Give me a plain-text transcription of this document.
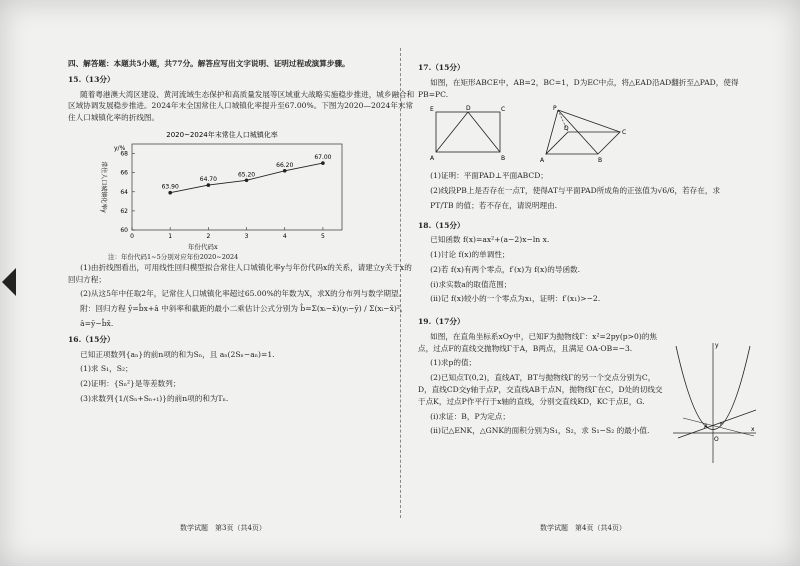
四、解答题：本题共5小题，共77分。解答应写出文字说明、证明过程或演算步骤。

15.（13分）

随着粤港澳大湾区建设、黄河流域生态保护和高质量发展等区域重大战略实施稳步推进，城乡融合和区域协调发展稳步推进。2024年末全国常住人口城镇化率提升至67.00%。下图为2020—2024年末常住人口城镇化率的折线图。

2020~2024年末常住人口城镇化率
60
62
64
66
68
0	1	2	3	4	5
y/%
常住人口城镇化率y	63.90
64.70
65.20
66.20
67.00
年份代码x
注：年份代码1~5分别对应年份2020~2024

(1)由折线图看出，可用线性回归模型拟合常住人口城镇化率y与年份代码x的关系，请建立y关于x的回归方程；

(2)从这5年中任取2年，记常住人口城镇化率超过65.00%的年数为X，求X的分布列与数学期望。

附：回归方程 ŷ=b̂x+â 中斜率和截距的最小二乘估计公式分别为 b̂=Σ(xᵢ−x̄)(yᵢ−ȳ) / Σ(xᵢ−x̄)²，

â=ȳ−b̂x̄.

16.（15分）

已知正项数列{aₙ}的前n项的和为Sₙ，且 aₙ(2Sₙ−aₙ)=1.

(1)求 S₁，S₂；

(2)证明：{Sₙ²}是等差数列；

(3)求数列{1/(Sₙ+Sₙ₊₁)}的前n项的和为Tₙ.

17.（15分）

如图，在矩形ABCE中，AB=2，BC=1，D为EC中点，将△EAD沿AD翻折至△PAD，使得PB=PC.

E	D	C
A	B
P
D
C
A	B

(1)证明：平面PAD⊥平面ABCD；

(2)线段PB上是否存在一点T，使得AT与平面PAD所成角的正弦值为√6/6，若存在，求

PT/TB 的值；若不存在，请说明理由.

18.（15分）

已知函数 f(x)=ax²+(a−2)x−ln x.

(1)讨论 f(x)的单调性；

(2)若 f(x)有两个零点，f′(x)为 f(x)的导函数.

(i)求实数a的取值范围；

(ii)记 f(x)较小的一个零点为x₁，证明：f′(x₁)>−2.

19.（17分）

如图，在直角坐标系xOy中，已知F为抛物线Γ：x²=2py(p>0)的焦点，过点F的直线交抛物线Γ于A，B两点，且满足 OA·OB=−3.

(1)求p的值；

(2)已知点T(0,2)，直线AT，BT与抛物线Γ的另一个交点分别为C，D，直线CD交y轴于点P，交直线AB于点N，抛物线Γ在C，D处的切线交于点K，过点P作平行于x轴的直线，分别交直线KD，KC于点E，G.

(i)求证：B，P为定点；

(ii)记△ENK，△GNK的面积分别为S₁，S₂，求 S₁−S₂ 的最小值.	x
y
O
A F
数学试题　第3页（共4页）	数学试题　第4页（共4页）
